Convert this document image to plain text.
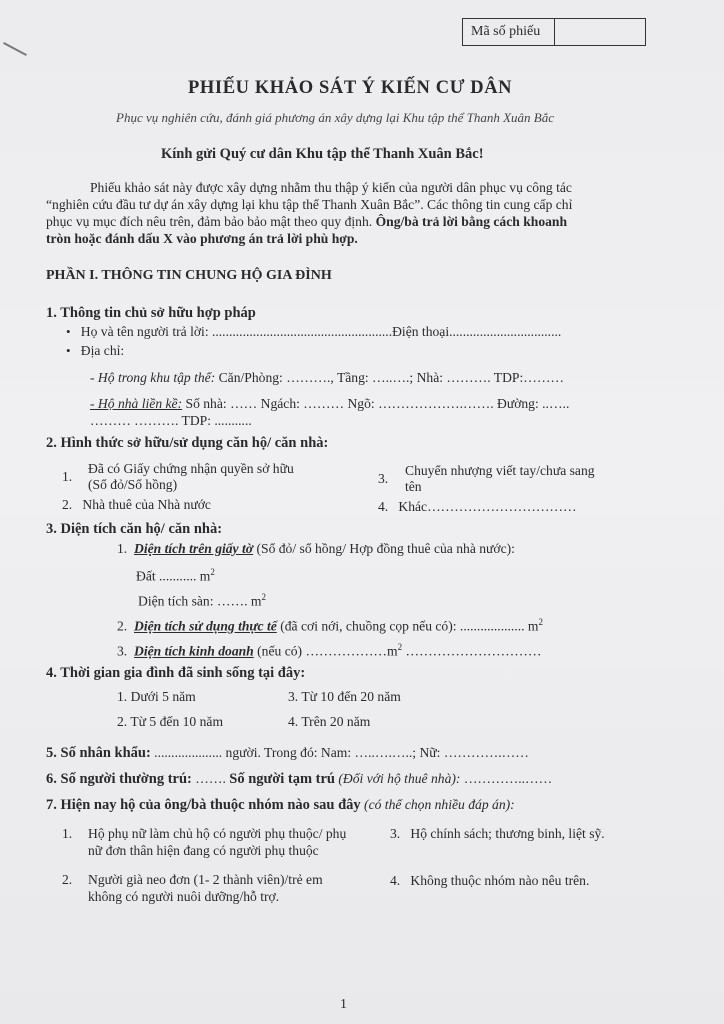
Mã số phiếu
PHIẾU KHẢO SÁT Ý KIẾN CƯ DÂN
Phục vụ nghiên cứu, đánh giá phương án xây dựng lại Khu tập thể Thanh Xuân Bắc
Kính gửi Quý cư dân Khu tập thể Thanh Xuân Bắc!
Phiếu khảo sát này được xây dựng nhằm thu thập ý kiến của người dân phục vụ công tác
“nghiên cứu đầu tư dự án xây dựng lại khu tập thể Thanh Xuân Bắc”. Các thông tin cung cấp chỉ
phục vụ mục đích nêu trên, đảm bảo bảo mật theo quy định. Ông/bà trả lời bằng cách khoanh
tròn hoặc đánh dấu X vào phương án trả lời phù hợp.
PHẦN I. THÔNG TIN CHUNG HỘ GIA ĐÌNH
1. Thông tin chủ sở hữu hợp pháp
• Họ và tên người trả lời: .....................................................Điện thoại.................................
• Địa chỉ:
- Hộ trong khu tập thể: Căn/Phòng: ………., Tầng: …..….; Nhà: ………. TDP:………
- Hộ nhà liền kề: Số nhà: …… Ngách: ……… Ngõ: ……………….……. Đường: ..…..
……… ………. TDP: ...........
2. Hình thức sở hữu/sử dụng căn hộ/ căn nhà:
1.
Đã có Giấy chứng nhận quyền sở hữu
(Sổ đỏ/Sổ hồng)	3.
Chuyển nhượng viết tay/chưa sang
tên
2. Nhà thuê của Nhà nước	4. Khác……………………………
3. Diện tích căn hộ/ căn nhà:
1. Diện tích trên giấy tờ (Sổ đỏ/ sổ hồng/ Hợp đồng thuê của nhà nước):
Đất ........... $m^2$
Diện tích sàn: ……. $m^2$
2. Diện tích sử dụng thực tế (đã cơi nới, chuồng cọp nếu có): ................... $m^2$
3. Diện tích kinh doanh (nếu có) $\dots\dots\dots\dots\dots\dots m^2$ …………………………
4. Thời gian gia đình đã sinh sống tại đây:
1. Dưới 5 năm	3. Từ 10 đến 20 năm
2. Từ 5 đến 10 năm	4. Trên 20 năm
5. Số nhân khẩu: .................... người. Trong đó: Nam: …..….…..; Nữ: ………….……
6. Số người thường trú: ……. Số người tạm trú (Đối với hộ thuê nhà): …………..……
7. Hiện nay hộ của ông/bà thuộc nhóm nào sau đây (có thể chọn nhiều đáp án):
1. Hộ phụ nữ làm chủ hộ có người phụ thuộc/ phụ
nữ đơn thân hiện đang có người phụ thuộc
3. Hộ chính sách; thương binh, liệt sỹ.
2. Người già neo đơn (1- 2 thành viên)/trẻ em
không có người nuôi dưỡng/hỗ trợ.
4. Không thuộc nhóm nào nêu trên.
1
